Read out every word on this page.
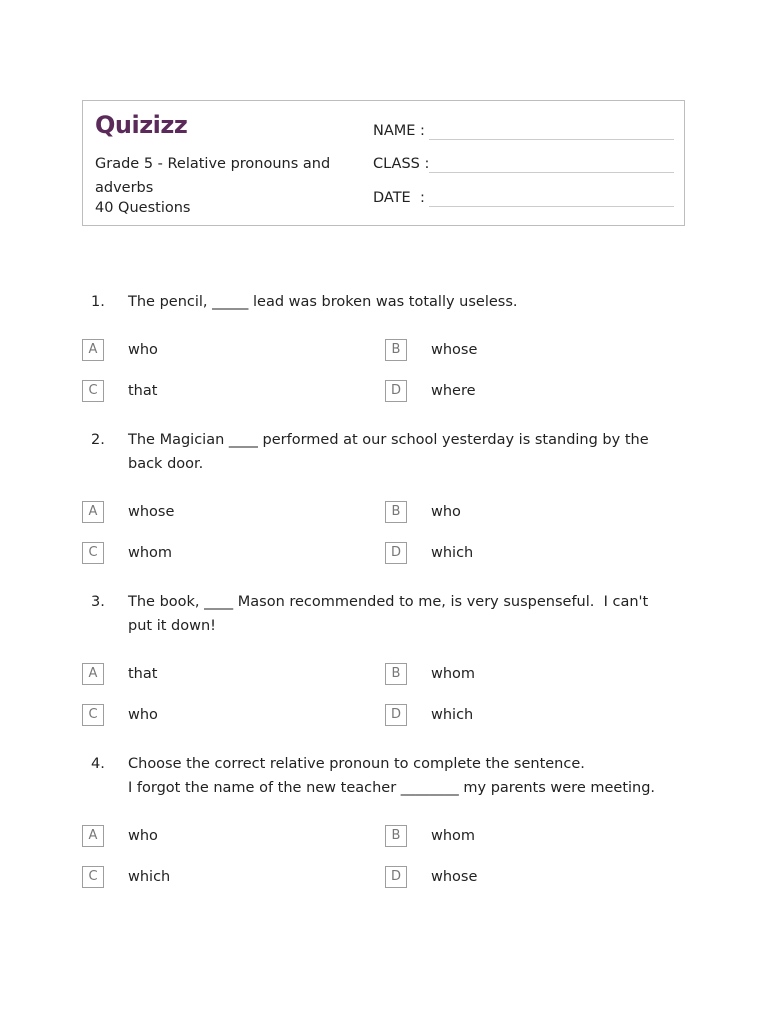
Quizizz
Grade 5 - Relative pronouns and adverbs
40 Questions
NAME :
CLASS :
DATE  :
1. The pencil, _____ lead was broken was totally useless.
A	who	B	whose
C	that	D	where
2. The Magician ____ performed at our school yesterday is standing by the back door.
A	whose	B	who
C	whom	D	which
3. The book, ____ Mason recommended to me, is very suspenseful.  I can't put it down!
A	that	B	whom
C	who	D	which
4. Choose the correct relative pronoun to complete the sentence.
I forgot the name of the new teacher ________ my parents were meeting.
A	who	B	whom
C	which	D	whose
